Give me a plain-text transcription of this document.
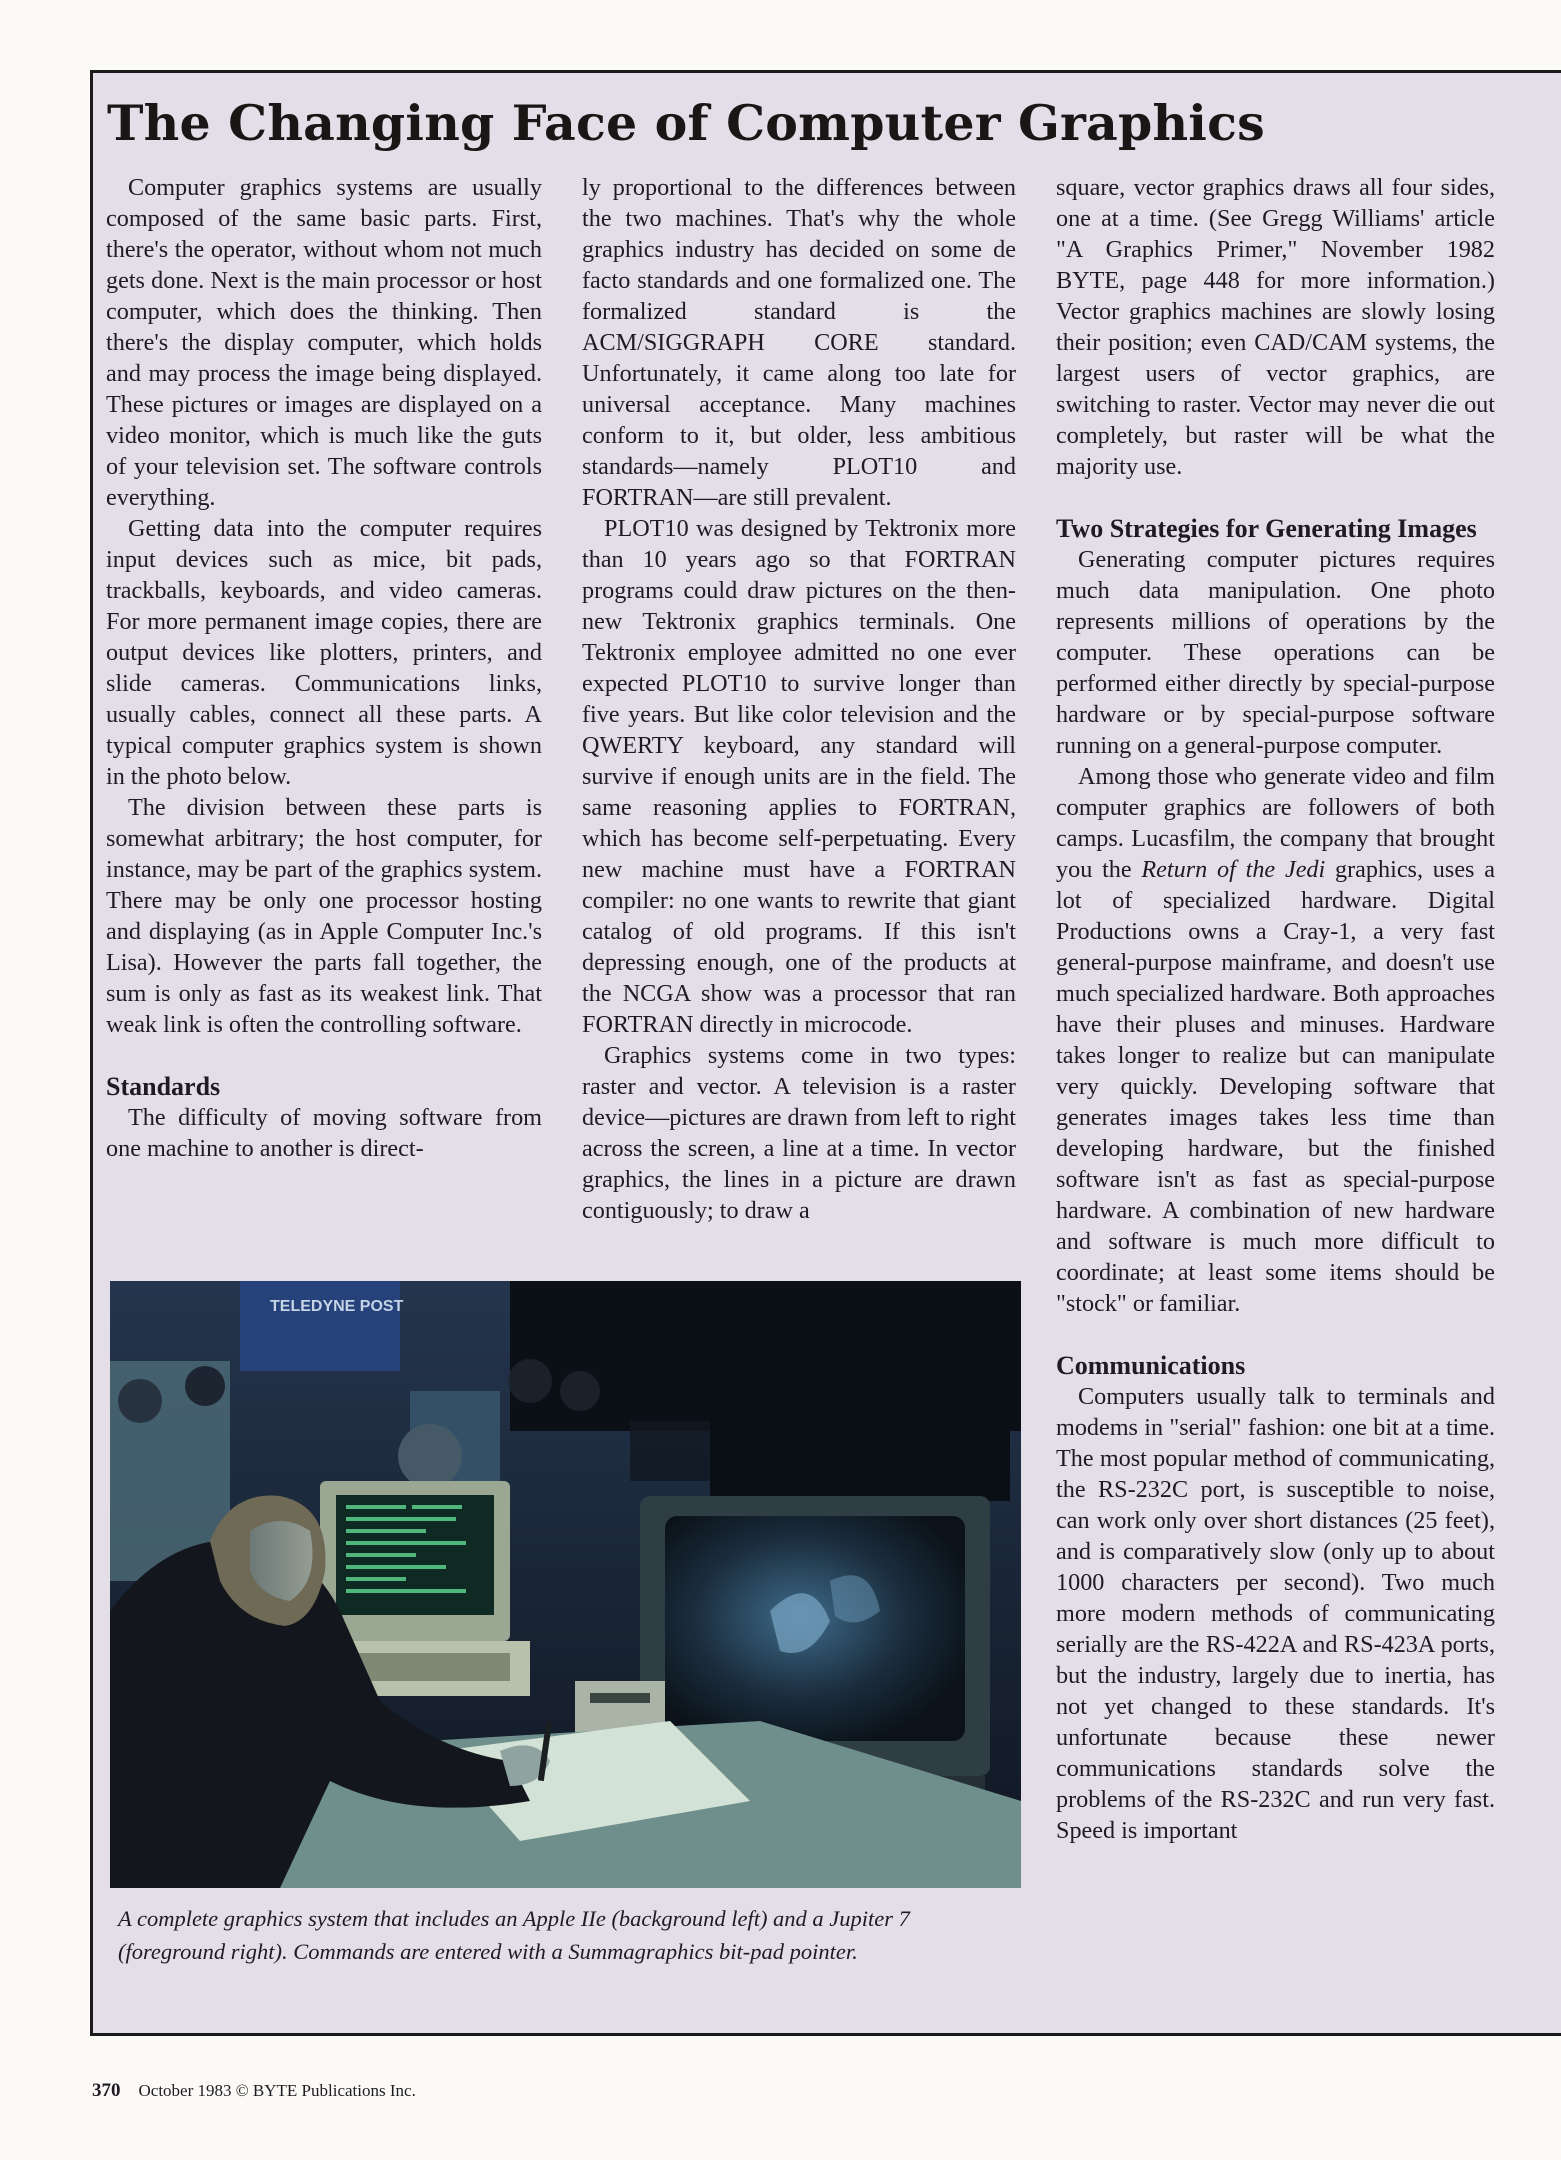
The Changing Face of Computer Graphics

Computer graphics systems are usually composed of the same basic parts. First, there's the operator, without whom not much gets done. Next is the main processor or host computer, which does the thinking. Then there's the display computer, which holds and may process the image being displayed. These pictures or images are displayed on a video monitor, which is much like the guts of your television set. The software controls everything.

Getting data into the computer requires input devices such as mice, bit pads, trackballs, keyboards, and video cameras. For more permanent image copies, there are output devices like plotters, printers, and slide cameras. Communications links, usually cables, connect all these parts. A typical computer graphics system is shown in the photo below.

The division between these parts is somewhat arbitrary; the host computer, for instance, may be part of the graphics system. There may be only one processor hosting and displaying (as in Apple Computer Inc.'s Lisa). However the parts fall together, the sum is only as fast as its weakest link. That weak link is often the controlling software.

Standards

The difficulty of moving software from one machine to another is direct-

ly proportional to the differences between the two machines. That's why the whole graphics industry has decided on some de facto standards and one formalized one. The formalized standard is the ACM/SIGGRAPH CORE standard. Unfortunately, it came along too late for universal acceptance. Many machines conform to it, but older, less ambitious standards—namely PLOT10 and FORTRAN—are still prevalent.

PLOT10 was designed by Tektronix more than 10 years ago so that FORTRAN programs could draw pictures on the then-new Tektronix graphics terminals. One Tektronix employee admitted no one ever expected PLOT10 to survive longer than five years. But like color television and the QWERTY keyboard, any standard will survive if enough units are in the field. The same reasoning applies to FORTRAN, which has become self-perpetuating. Every new machine must have a FORTRAN compiler: no one wants to rewrite that giant catalog of old programs. If this isn't depressing enough, one of the products at the NCGA show was a processor that ran FORTRAN directly in microcode.

Graphics systems come in two types: raster and vector. A television is a raster device—pictures are drawn from left to right across the screen, a line at a time. In vector graphics, the lines in a picture are drawn contiguously; to draw a

square, vector graphics draws all four sides, one at a time. (See Gregg Williams' article "A Graphics Primer," November 1982 BYTE, page 448 for more information.) Vector graphics machines are slowly losing their position; even CAD/CAM systems, the largest users of vector graphics, are switching to raster. Vector may never die out completely, but raster will be what the majority use.

Two Strategies for Generating Images

Generating computer pictures requires much data manipulation. One photo represents millions of operations by the computer. These operations can be performed either directly by special-purpose hardware or by special-purpose software running on a general-purpose computer.

Among those who generate video and film computer graphics are followers of both camps. Lucasfilm, the company that brought you the Return of the Jedi graphics, uses a lot of specialized hardware. Digital Productions owns a Cray-1, a very fast general-purpose mainframe, and doesn't use much specialized hardware. Both approaches have their pluses and minuses. Hardware takes longer to realize but can manipulate very quickly. Developing software that generates images takes less time than developing hardware, but the finished software isn't as fast as special-purpose hardware. A combination of new hardware and software is much more difficult to coordinate; at least some items should be "stock" or familiar.

Communications

Computers usually talk to terminals and modems in "serial" fashion: one bit at a time. The most popular method of communicating, the RS-232C port, is susceptible to noise, can work only over short distances (25 feet), and is comparatively slow (only up to about 1000 characters per second). Two much more modern methods of communicating serially are the RS-422A and RS-423A ports, but the industry, largely due to inertia, has not yet changed to these standards. It's unfortunate because these newer communications standards solve the problems of the RS-232C and run very fast. Speed is important

TELEDYNE POST

A complete graphics system that includes an Apple IIe (background left) and a Jupiter 7 (foreground right). Commands are entered with a Summagraphics bit-pad pointer.

370 October 1983 © BYTE Publications Inc.
